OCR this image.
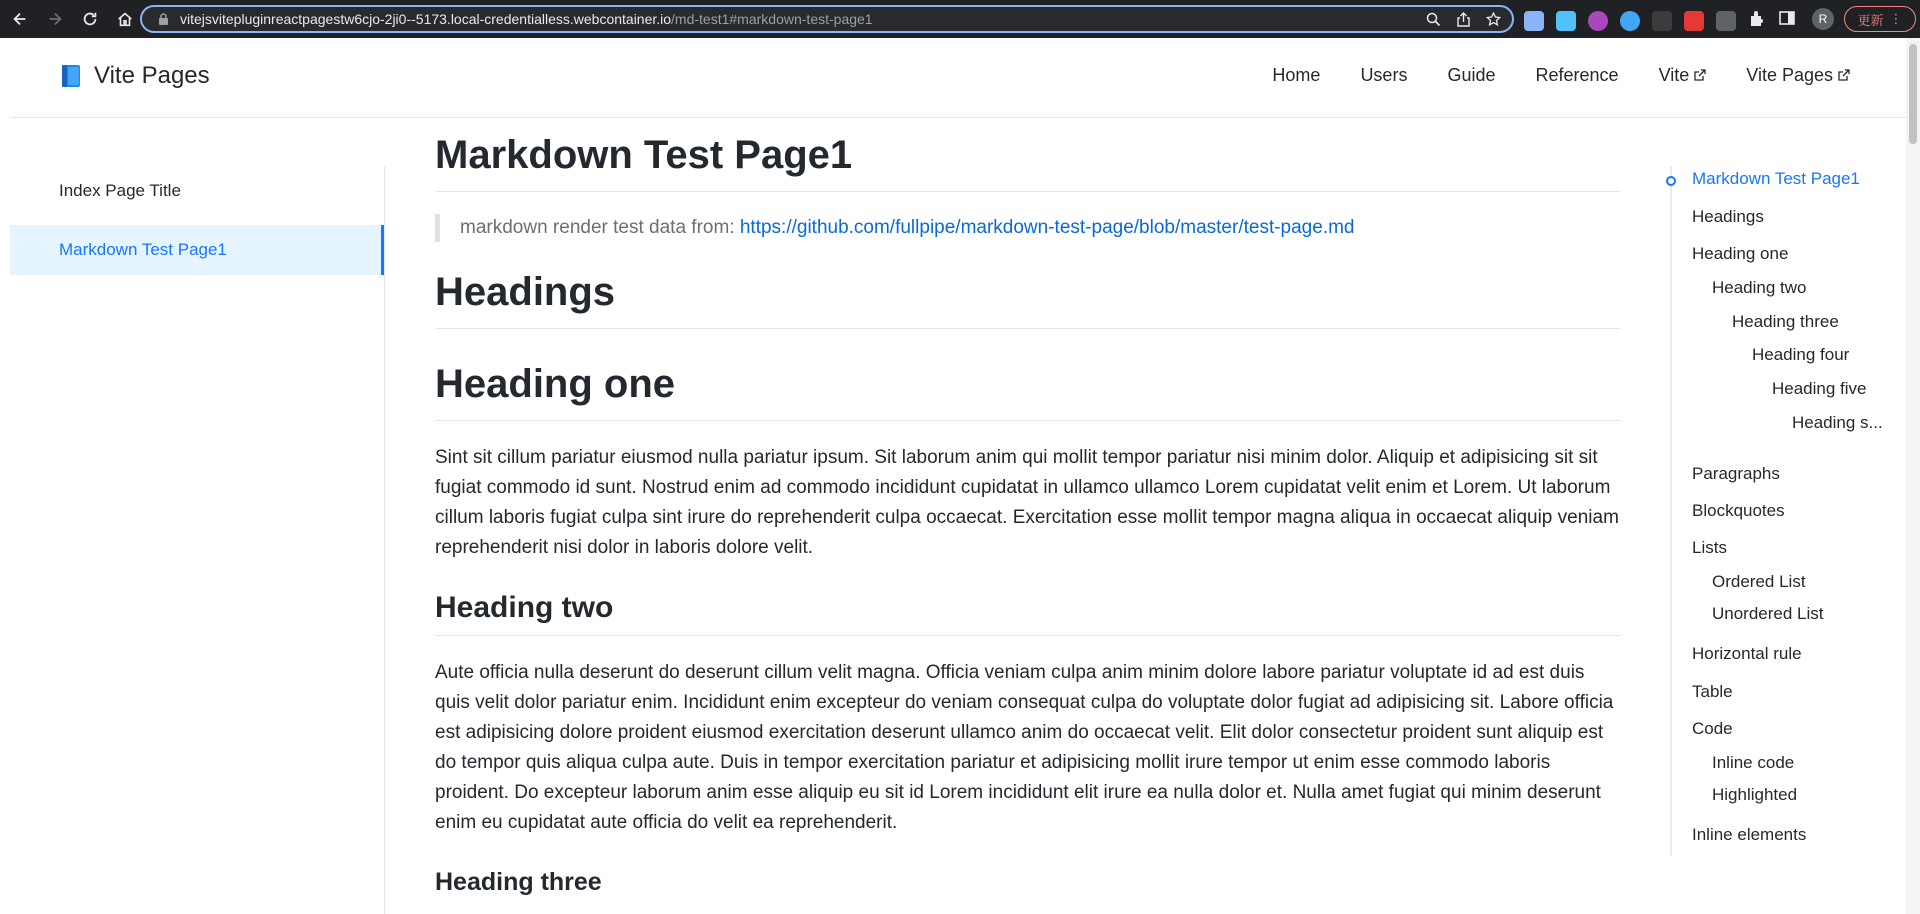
vitejsvitepluginreactpagestw6cjo-2ji0--5173.local-credentialless.webcontainer.io/md-test1#markdown-test-page1	R	更新 ⋮
Vite Pages	Home Users Guide Reference Vite	Vite Pages
Index Page Title
Markdown Test Page1
Markdown Test Page1
markdown render test data from: https://github.com/fullpipe/markdown-test-page/blob/master/test-page.md
Headings
Heading one

Sint sit cillum pariatur eiusmod nulla pariatur ipsum. Sit laborum anim qui mollit tempor pariatur nisi minim dolor. Aliquip et adipisicing sit sit fugiat commodo id sunt. Nostrud enim ad commodo incididunt cupidatat in ullamco ullamco Lorem cupidatat velit enim et Lorem. Ut laborum cillum laboris fugiat culpa sint irure do reprehenderit culpa occaecat. Exercitation esse mollit tempor magna aliqua in occaecat aliquip veniam reprehenderit nisi dolor in laboris dolore velit.

Heading two

Aute officia nulla deserunt do deserunt cillum velit magna. Officia veniam culpa anim minim dolore labore pariatur voluptate id ad est duis quis velit dolor pariatur enim. Incididunt enim excepteur do veniam consequat culpa do voluptate dolor fugiat ad adipisicing sit. Labore officia est adipisicing dolore proident eiusmod exercitation deserunt ullamco anim do occaecat velit. Elit dolor consectetur proident sunt aliquip est do tempor quis aliqua culpa aute. Duis in tempor exercitation pariatur et adipisicing mollit irure tempor ut enim esse commodo laboris proident. Do excepteur laborum anim esse aliquip eu sit id Lorem incididunt elit irure ea nulla dolor et. Nulla amet fugiat qui minim deserunt enim eu cupidatat aute officia do velit ea reprehenderit.

Heading three
Markdown Test Page1
Headings
Heading one
Heading two
Heading three
Heading four
Heading five
Heading s...
Paragraphs
Blockquotes
Lists
Ordered List
Unordered List
Horizontal rule
Table
Code
Inline code
Highlighted
Inline elements
